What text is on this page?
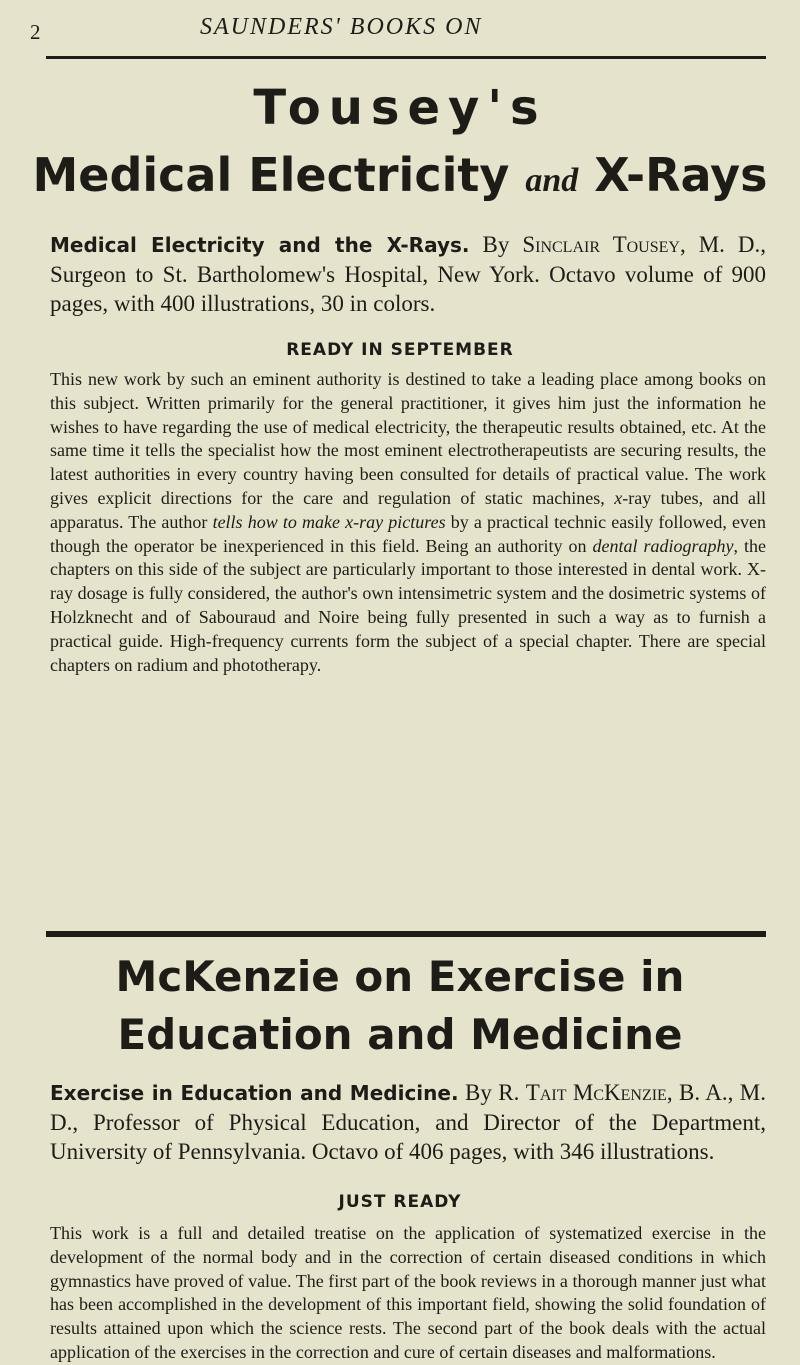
2	SAUNDERS' BOOKS ON
Tousey's
Medical Electricity and X-Rays
Medical Electricity and the X-Rays. By Sinclair Tousey, M. D., Surgeon to St. Bartholomew's Hospital, New York. Octavo volume of 900 pages, with 400 illustrations, 30 in colors.
READY IN SEPTEMBER
This new work by such an eminent authority is destined to take a leading place among books on this subject. Written primarily for the general practitioner, it gives him just the information he wishes to have regarding the use of medical electricity, the therapeutic results obtained, etc. At the same time it tells the specialist how the most eminent electrotherapeutists are securing results, the latest authorities in every country having been consulted for details of practical value. The work gives explicit directions for the care and regulation of static machines, x-ray tubes, and all apparatus. The author tells how to make x-ray pictures by a practical technic easily followed, even though the operator be inexperienced in this field. Being an authority on dental radiography, the chapters on this side of the subject are particularly important to those interested in dental work. X-ray dosage is fully considered, the author's own intensimetric system and the dosimetric systems of Holzknecht and of Sabouraud and Noire being fully presented in such a way as to furnish a practical guide. High-frequency currents form the subject of a special chapter. There are special chapters on radium and phototherapy.
McKenzie on Exercise in
Education and Medicine
Exercise in Education and Medicine. By R. Tait McKenzie, B. A., M. D., Professor of Physical Education, and Director of the Department, University of Pennsylvania. Octavo of 406 pages, with 346 illustrations.
JUST READY
This work is a full and detailed treatise on the application of systematized exercise in the development of the normal body and in the correction of certain diseased conditions in which gymnastics have proved of value. The first part of the book reviews in a thorough manner just what has been accomplished in the development of this important field, showing the solid foundation of results attained upon which the science rests. The second part of the book deals with the actual application of the exercises in the correction and cure of certain diseases and malformations.
